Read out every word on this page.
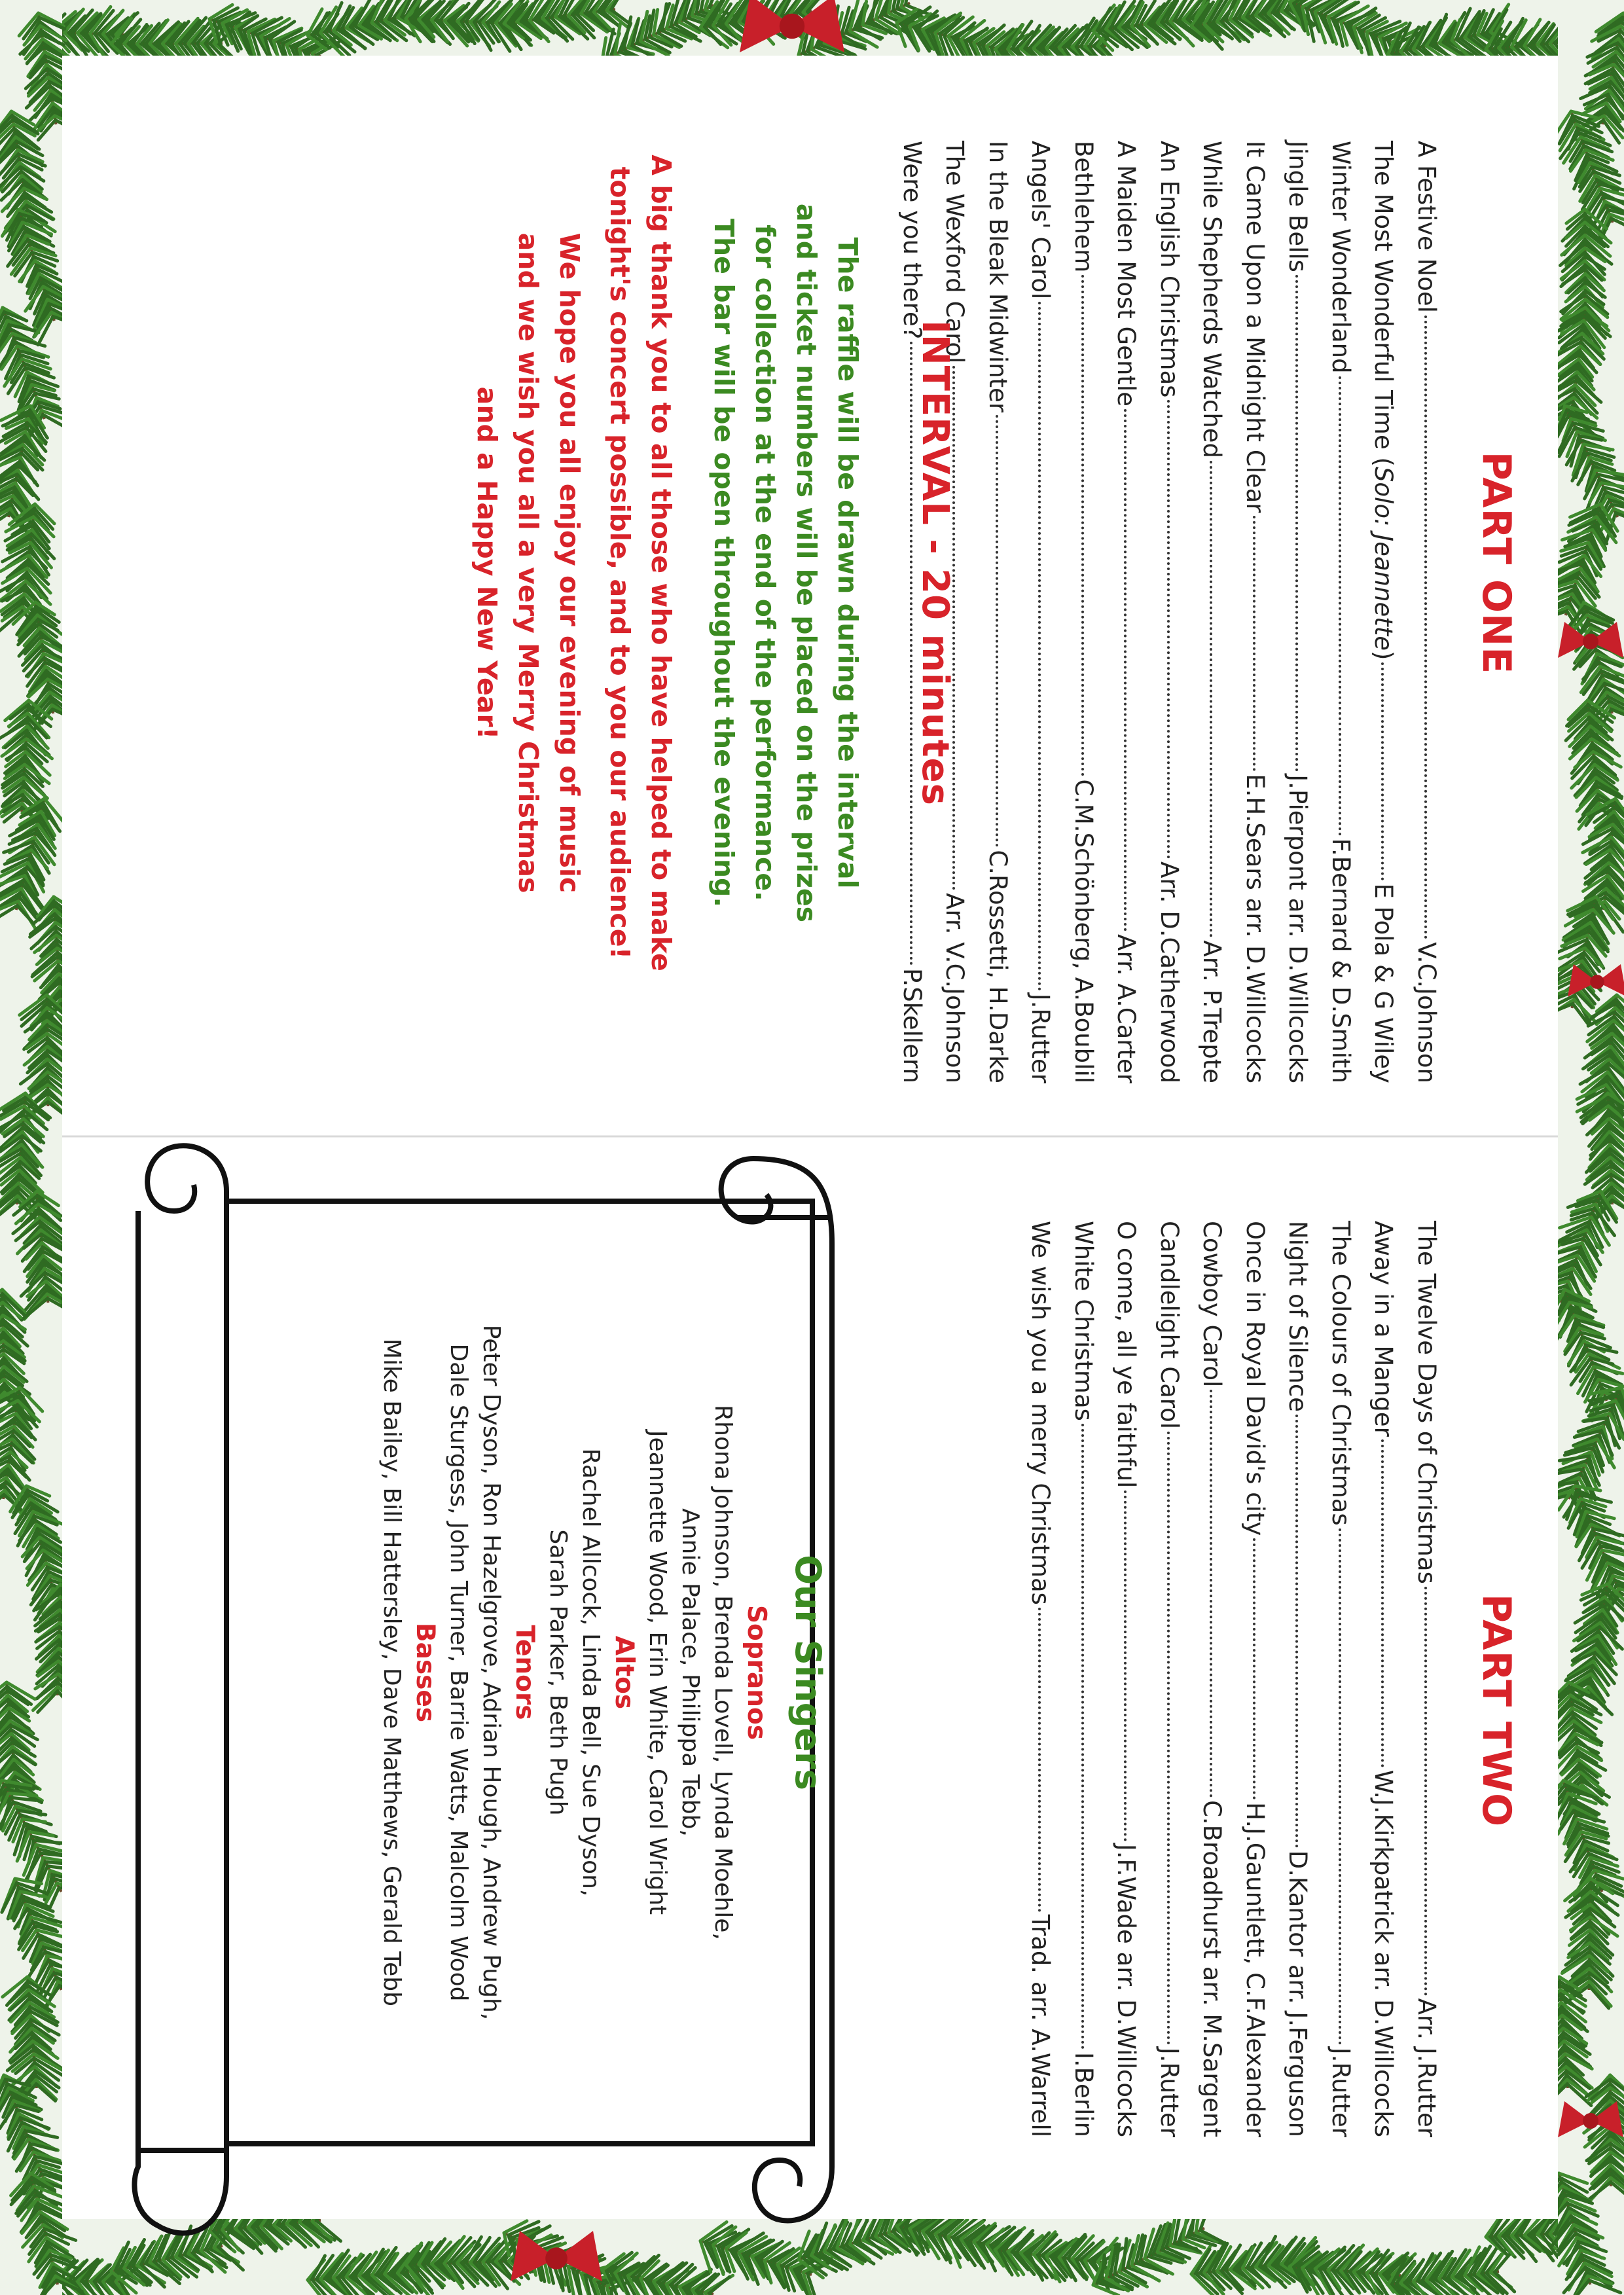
PART ONE
A Festive Noel
V.C.Johnson
The Most Wonderful Time (Solo: Jeannette)
E Pola & G Wiley
Winter Wonderland
F.Bernard & D.Smith
Jingle Bells
J.Pierpont arr. D.Willcocks
It Came Upon a Midnight Clear
E.H.Sears arr. D.Willcocks
While Shepherds Watched
Arr. P.Trepte
An English Christmas
Arr. D.Catherwood
A Maiden Most Gentle
Arr. A.Carter
Bethlehem
C.M.Schönberg, A.Boublil
Angels' Carol
J.Rutter
In the Bleak Midwinter
C.Rossetti, H.Darke
The Wexford Carol
Arr. V.C.Johnson
Were you there?
P.Skellern
INTERVAL - 20 minutes
The raffle will be drawn during the interval
and ticket numbers will be placed on the prizes
for collection at the end of the performance.
The bar will be open throughout the evening.
A big thank you to all those who have helped to make
tonight's concert possible, and to you our audience!
We hope you all enjoy our evening of music
and we wish you all a very Merry Christmas
and a Happy New Year!
PART TWO
The Twelve Days of Christmas
Arr. J.Rutter
Away in a Manger
W.J.Kirkpatrick arr. D.Willcocks
The Colours of Christmas
J.Rutter
Night of Silence
D.Kantor arr. J.Ferguson
Once in Royal David's city
H.J.Gauntlett, C.F.Alexander
Cowboy Carol
C.Broadhurst arr. M.Sargent
Candlelight Carol
J.Rutter
O come, all ye faithful
J.F.Wade arr. D.Willcocks
White Christmas
I.Berlin
We wish you a merry Christmas
Trad. arr. A.Warrell
Our Singers
Sopranos
Rhona Johnson, Brenda Lovell, Lynda Moehle,
Annie Palace, Philippa Tebb,
Jeannette Wood, Erin White, Carol Wright
Altos
Rachel Allcock, Linda Bell, Sue Dyson,
Sarah Parker, Beth Pugh
Tenors
Peter Dyson, Ron Hazelgrove, Adrian Hough, Andrew Pugh,
Dale Sturgess, John Turner, Barrie Watts, Malcolm Wood
Basses
Mike Bailey, Bill Hattersley, Dave Matthews, Gerald Tebb
